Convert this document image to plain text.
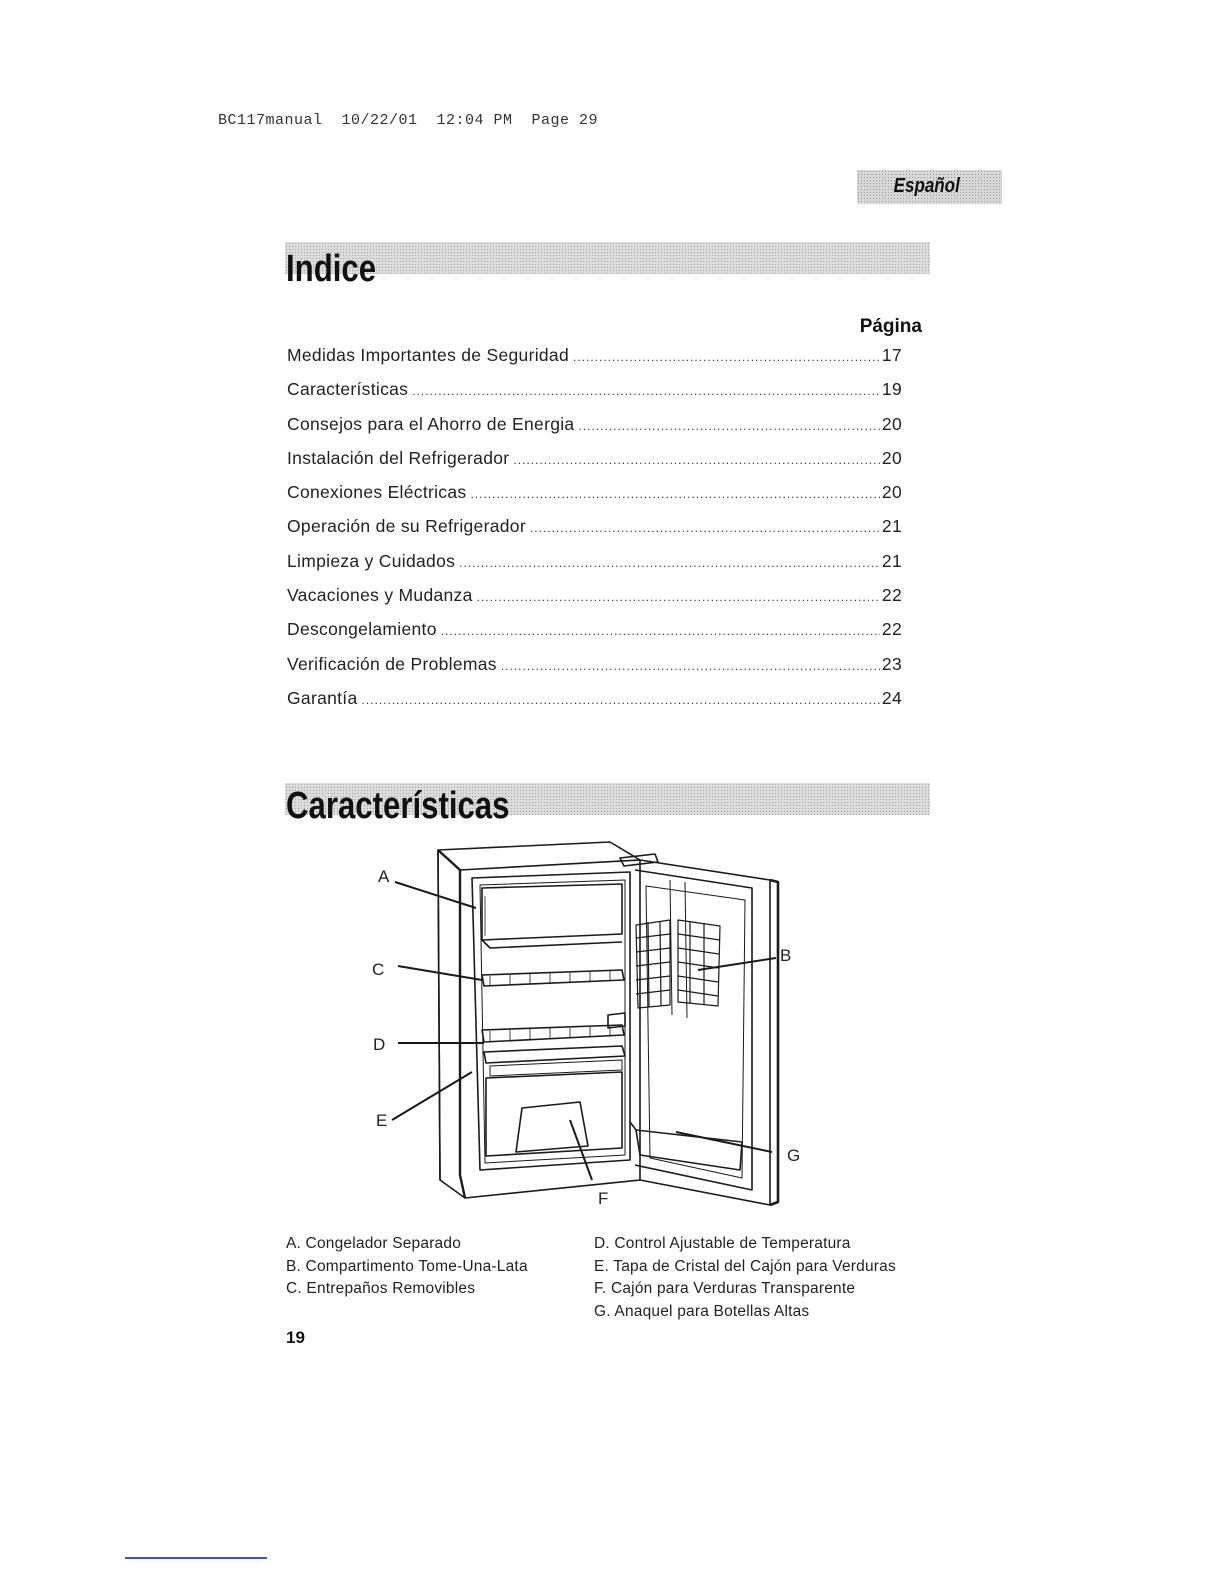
BC117manual  10/22/01  12:04 PM  Page 29
Español
Indice
Página
Medidas Importantes de Seguridad .....	17
Características .....	19
Consejos para el Ahorro de Energia .....	20
Instalación del Refrigerador .....	20
Conexiones Eléctricas .....	20
Operación de su Refrigerador .....	21
Limpieza y Cuidados .....	21
Vacaciones y Mudanza .....	22
Descongelamiento .....	22
Verificación de Problemas .....	23
Garantía .....	24
Características
A
B
C
D
E
F
G
A. Congelador Separado
B. Compartimento Tome-Una-Lata
C. Entrepaños Removibles
D. Control Ajustable de Temperatura
E. Tapa de Cristal del Cajón para Verduras
F. Cajón para Verduras Transparente
G. Anaquel para Botellas Altas
19
